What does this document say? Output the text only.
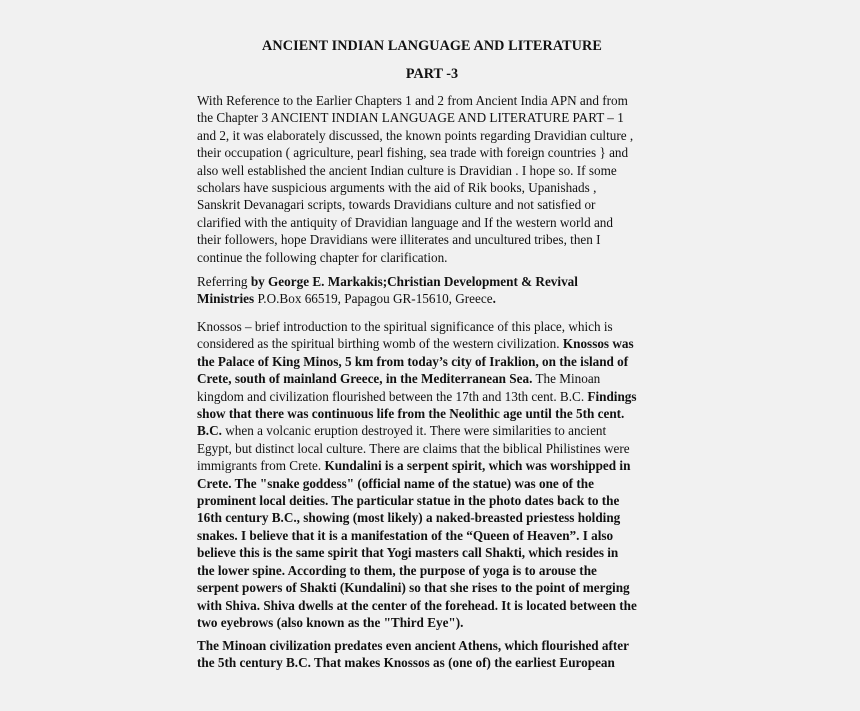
ANCIENT INDIAN LANGUAGE AND LITERATURE
PART -3
With Reference to the Earlier Chapters 1 and 2 from Ancient India APN and from
the Chapter 3 ANCIENT INDIAN LANGUAGE AND LITERATURE PART – 1
and 2, it was elaborately discussed, the known points regarding Dravidian culture ,
their occupation ( agriculture, pearl fishing, sea trade with foreign countries } and
also well established the ancient Indian culture is Dravidian . I hope so. If some
scholars have suspicious arguments with the aid of Rik books, Upanishads ,
Sanskrit Devanagari scripts, towards Dravidians culture and not satisfied or
clarified with the antiquity of Dravidian language and If the western world and
their followers, hope Dravidians were illiterates and uncultured tribes, then I
continue the following chapter for clarification.
Referring by George E. Markakis;Christian Development & Revival
Ministries P.O.Box 66519, Papagou GR-15610, Greece.
Knossos – brief introduction to the spiritual significance of this place, which is
considered as the spiritual birthing womb of the western civilization. Knossos was
the Palace of King Minos, 5 km from today’s city of Iraklion, on the island of
Crete, south of mainland Greece, in the Mediterranean Sea. The Minoan
kingdom and civilization flourished between the 17th and 13th cent. B.C. Findings
show that there was continuous life from the Neolithic age until the 5th cent.
B.C. when a volcanic eruption destroyed it. There were similarities to ancient
Egypt, but distinct local culture. There are claims that the biblical Philistines were
immigrants from Crete. Kundalini is a serpent spirit, which was worshipped in
Crete. The "snake goddess" (official name of the statue) was one of the
prominent local deities. The particular statue in the photo dates back to the
16th century B.C., showing (most likely) a naked-breasted priestess holding
snakes. I believe that it is a manifestation of the “Queen of Heaven”. I also
believe this is the same spirit that Yogi masters call Shakti, which resides in
the lower spine. According to them, the purpose of yoga is to arouse the
serpent powers of Shakti (Kundalini) so that she rises to the point of merging
with Shiva. Shiva dwells at the center of the forehead. It is located between the
two eyebrows (also known as the "Third Eye").
The Minoan civilization predates even ancient Athens, which flourished after
the 5th century B.C. That makes Knossos as (one of) the earliest European
